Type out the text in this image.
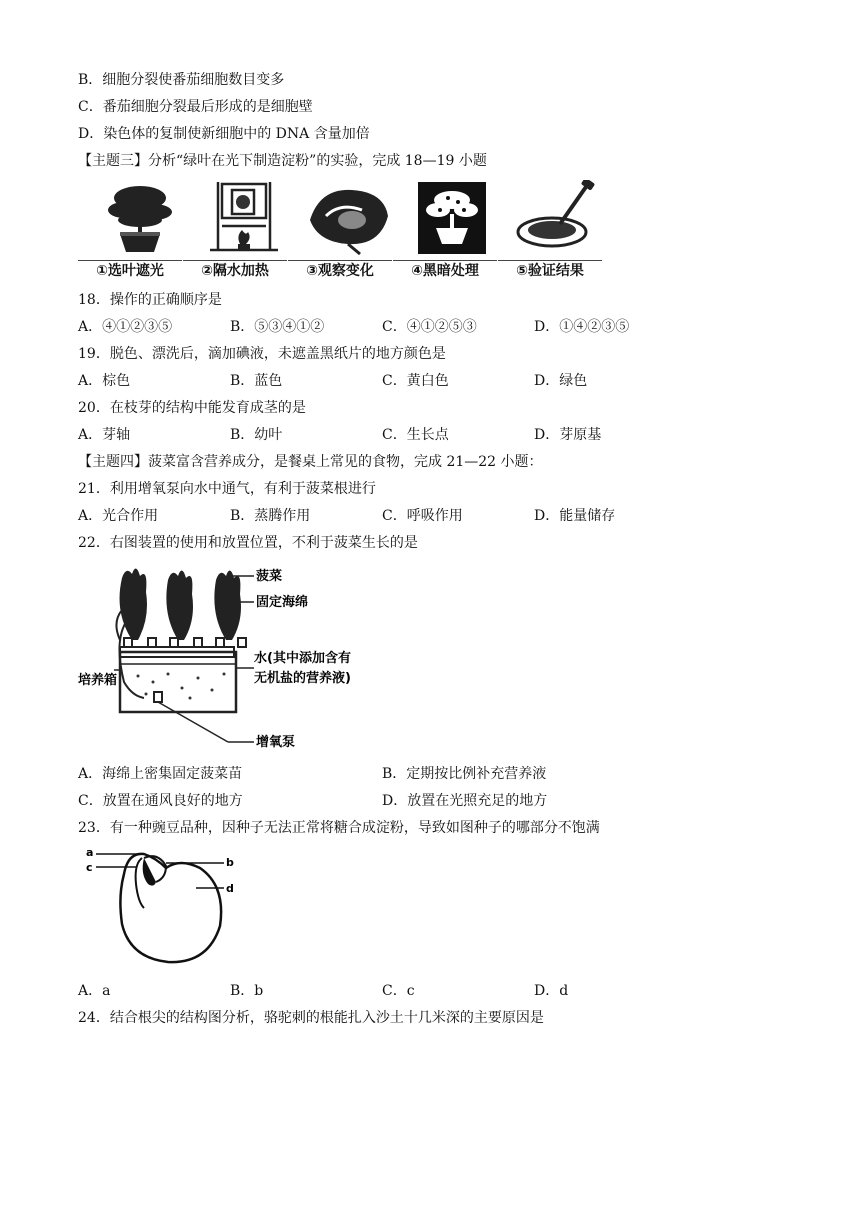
B．细胞分裂使番茄细胞数目变多
C．番茄细胞分裂最后形成的是细胞壁
D．染色体的复制使新细胞中的 DNA 含量加倍
【主题三】分析“绿叶在光下制造淀粉”的实验，完成 18—19 小题
①选叶遮光	②隔水加热	③观察变化	④黑暗处理	⑤验证结果
18．操作的正确顺序是
A．④①②③⑤	B．⑤③④①②	C．④①②⑤③	D．①④②③⑤
19．脱色、漂洗后，滴加碘液，未遮盖黑纸片的地方颜色是
A．棕色	B．蓝色	C．黄白色	D．绿色
20．在枝芽的结构中能发育成茎的是
A．芽轴	B．幼叶	C．生长点	D．芽原基
【主题四】菠菜富含营养成分，是餐桌上常见的食物，完成 21—22 小题：
21．利用增氧泵向水中通气，有利于菠菜根进行
A．光合作用	B．蒸腾作用	C．呼吸作用	D．能量储存
22．右图装置的使用和放置位置，不利于菠菜生长的是
菠菜
固定海绵
水(其中添加含有
无机盐的营养液)
培养箱
增氧泵
A．海绵上密集固定菠菜苗	B．定期按比例补充营养液
C．放置在通风良好的地方	D．放置在光照充足的地方
23．有一种豌豆品种，因种子无法正常将糖合成淀粉，导致如图种子的哪部分不饱满
a
c	b
d
A．a	B．b	C．c	D．d
24．结合根尖的结构图分析，骆驼刺的根能扎入沙土十几米深的主要原因是
